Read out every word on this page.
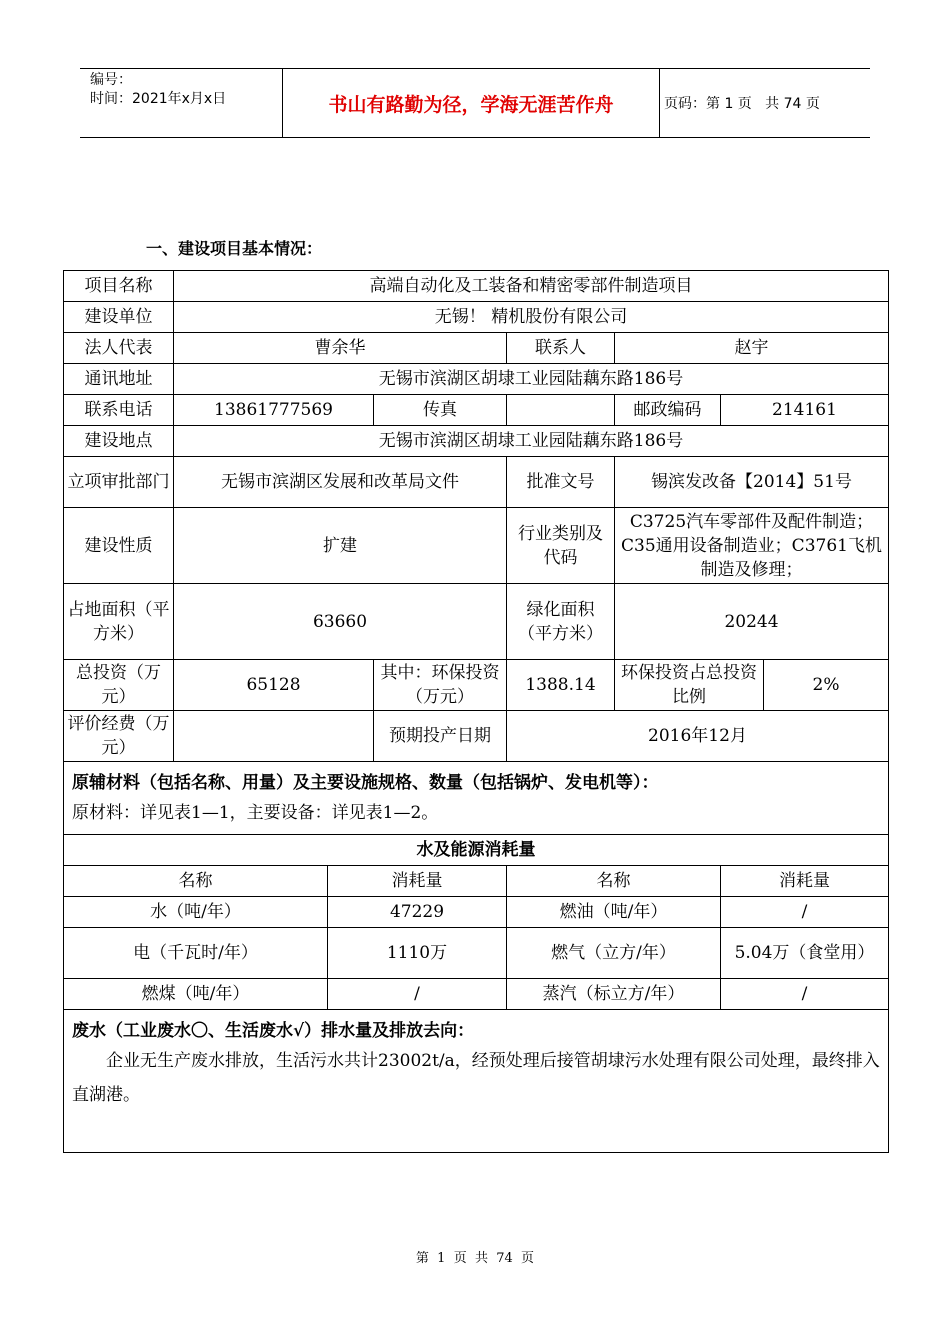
编号：
时间：2021年x月x日	书山有路勤为径，学海无涯苦作舟	页码：第 1 页   共 74 页
一、建设项目基本情况：
项目名称	高端自动化及工装备和精密零部件制造项目						
建设单位	无锡！ 精机股份有限公司						
法人代表	曹余华			联系人	赵宇		
通讯地址	无锡市滨湖区胡埭工业园陆藕东路186号						
联系电话	13861777569		传真		邮政编码	214161	
建设地点	无锡市滨湖区胡埭工业园陆藕东路186号						
立项审批部门	无锡市滨湖区发展和改革局文件			批准文号	锡滨发改备【2014】51号		
建设性质	扩建			行业类别及代码	C3725汽车零部件及配件制造；C35通用设备制造业；C3761飞机制造及修理；		
占地面积（平方米）	63660			绿化面积（平方米）	20244		
总投资（万元）	65128		其中：环保投资（万元）	1388.14	环保投资占总投资比例		2%
评价经费（万元）			预期投产日期	2016年12月			

原辅材料（包括名称、用量）及主要设施规格、数量（包括锅炉、发电机等）：
原材料：详见表1—1，主要设备：详见表1—2。							

水及能源消耗量							
名称		消耗量		名称		消耗量	
水（吨/年）		47229		燃油（吨/年）		/	
电（千瓦时/年）		1110万		燃气（立方/年）		5.04万（食堂用）	
燃煤（吨/年）		/		蒸汽（标立方/年）		/	

废水（工业废水〇、生活废水√）排水量及排放去向：
企业无生产废水排放，生活污水共计23002t/a，经预处理后接管胡埭污水处理有限公司处理，最终排入直湖港。							
第  1  页  共  74  页
